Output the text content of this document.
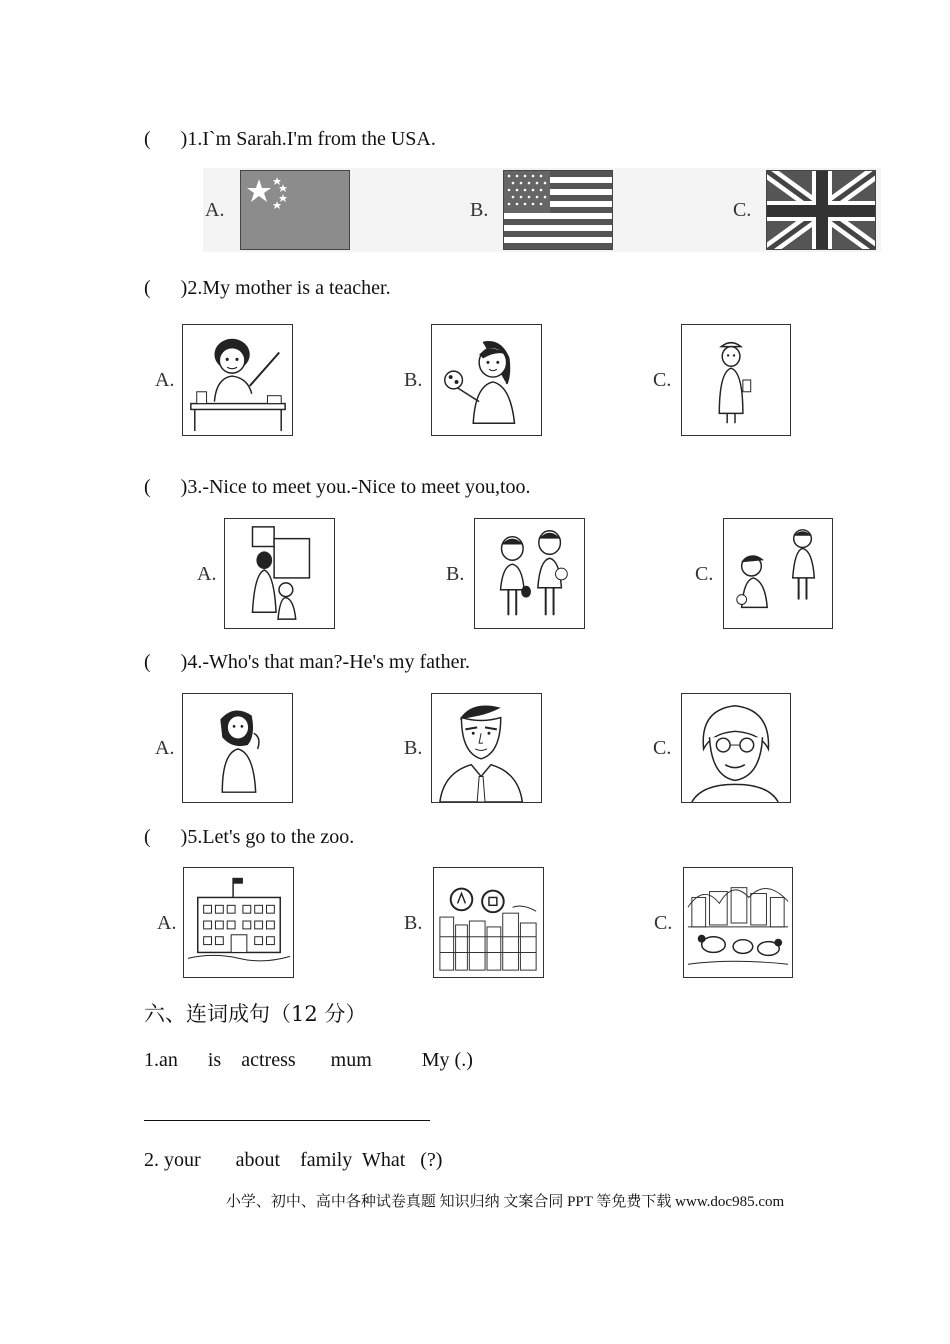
(      )1.I`m Sarah.I'm from the USA.
A.	B.	C.
(      )2.My mother is a teacher.
A.	B.	C.
(      )3.-Nice to meet you.-Nice to meet you,too.
A.	B.	C.
(      )4.-Who's that man?-He's my father.
A.	B.	C.
(      )5.Let's go to the zoo.
A.	B.	C.
六、连词成句（12 分）
1.an      is    actress       mum          My (.)
2. your       about    family  What   (?)
小学、初中、高中各种试卷真题 知识归纳 文案合同 PPT 等免费下载 www.doc985.com
